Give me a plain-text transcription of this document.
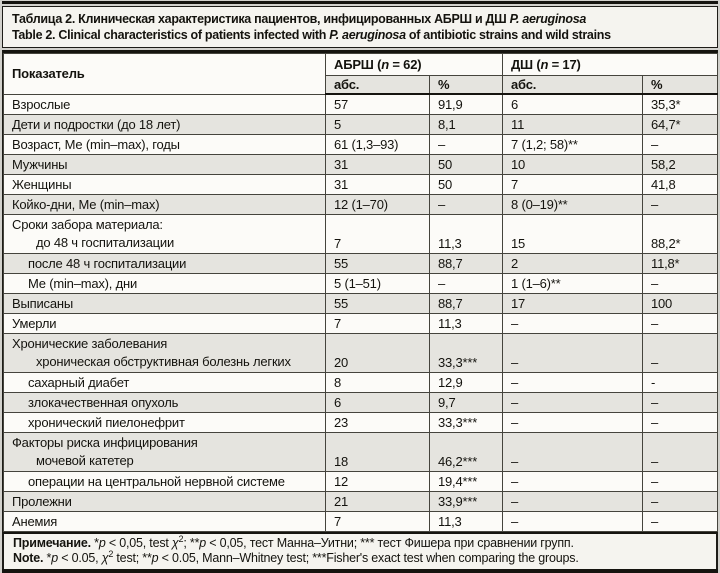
Таблица 2. Клиническая характеристика пациентов, инфицированных АБРШ и ДШ P. aeruginosa
Table 2. Clinical characteristics of patients infected with P. aeruginosa of antibiotic strains and wild strains
Показатель	АБРШ (n = 62)		ДШ (n = 17)	
	абс.	%	абс.	%
Взрослые	57	91,9	6	35,3*
Дети и подростки (до 18 лет)	5	8,1	11	64,7*
Возраст, Ме (min–max), годы	61 (1,3–93)	–	7 (1,2; 58)**	–
Мужчины	31	50	10	58,2
Женщины	31	50	7	41,8
Койко-дни, Ме (min–max)	12 (1–70)	–	8 (0–19)**	–

Сроки забора материала:
до 48 ч госпитализации	7	11,3	15	88,2*
после 48 ч госпитализации	55	88,7	2	11,8*
Ме (min–max), дни	5 (1–51)	–	1 (1–6)**	–
Выписаны	55	88,7	17	100
Умерли	7	11,3	–	–

Хронические заболевания
хроническая обструктивная болезнь легких	20	33,3***	–	–
сахарный диабет	8	12,9	–	-
злокачественная опухоль	6	9,7	–	–
хронический пиелонефрит	23	33,3***	–	–

Факторы риска инфицирования
мочевой катетер	18	46,2***	–	–
операции на центральной нервной системе	12	19,4***	–	–
Пролежни	21	33,9***	–	–
Анемия	7	11,3	–	–
Примечание. *p < 0,05, test $\chi^2$; **p < 0,05, тест Манна–Уитни; *** тест Фишера при сравнении групп.
Note. *p < 0.05, $\chi^2$ test; **p < 0.05, Mann–Whitney test; ***Fisher's exact test when comparing the groups.
